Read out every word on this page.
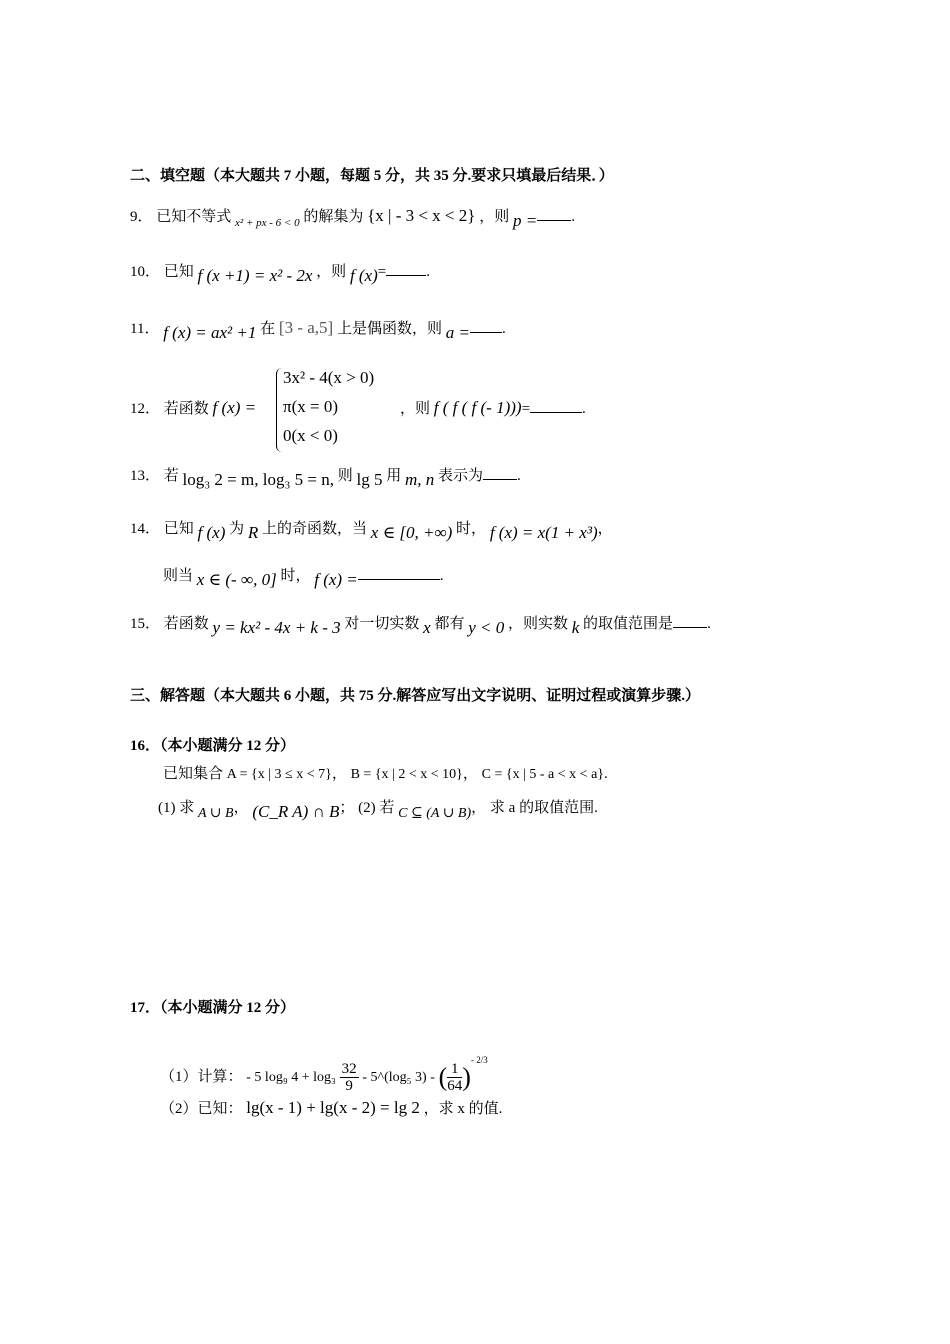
二、填空题（本大题共 7 小题，每题 5 分，共 35 分.要求只填最后结果．）
9． 已知不等式 $_{x^2 + px - 6 < 0}$ 的解集为 {x | - 3 < x < 2} ，则 p = .
10． 已知 f (x +1) = x² - 2x ，则 f (x)=	.
11． f (x) = ax² +1 在 [3 - a,5] 上是偶函数，则 a = .
12． 若函数 f (x) =
3x² - 4(x > 0)
π(x = 0)
0(x < 0)
，则 f ( f ( f (- 1)))=	.
13． 若 log₃ 2 = m, log₃ 5 = n, 则 lg 5 用 m, n 表示为 .
14． 已知 f (x) 为 R 上的奇函数，当 x ∈ [0, +∞) 时， f (x) = x(1 + x³)，
则当 x ∈ (- ∞, 0] 时， f (x) =	.
15． 若函数 y = kx² - 4x + k - 3 对一切实数 x 都有 y < 0 ，则实数 k 的取值范围是 .
三、解答题（本大题共 6 小题，共 75 分.解答应写出文字说明、证明过程或演算步骤.）
16．（本小题满分 12 分）
已知集合 A = {x | 3 ≤ x < 7}， B = {x | 2 < x < 10}， C = {x | 5 - a < x < a}.
(1) 求 A ∪ B， (C_R A) ∩ B； (2) 若 C ⊆ (A ∪ B)， 求 a 的取值范围.
17．（本小题满分 12 分）
（1）计算： - 5 log₉ $4 + \log_3 \frac{32}{9}$ - 5^(log₅ 3) - ( $\frac{1}{64} )^{- 2/3}$
（2）已知： lg(x - 1) + lg(x - 2) = lg 2 ，求 x 的值.
